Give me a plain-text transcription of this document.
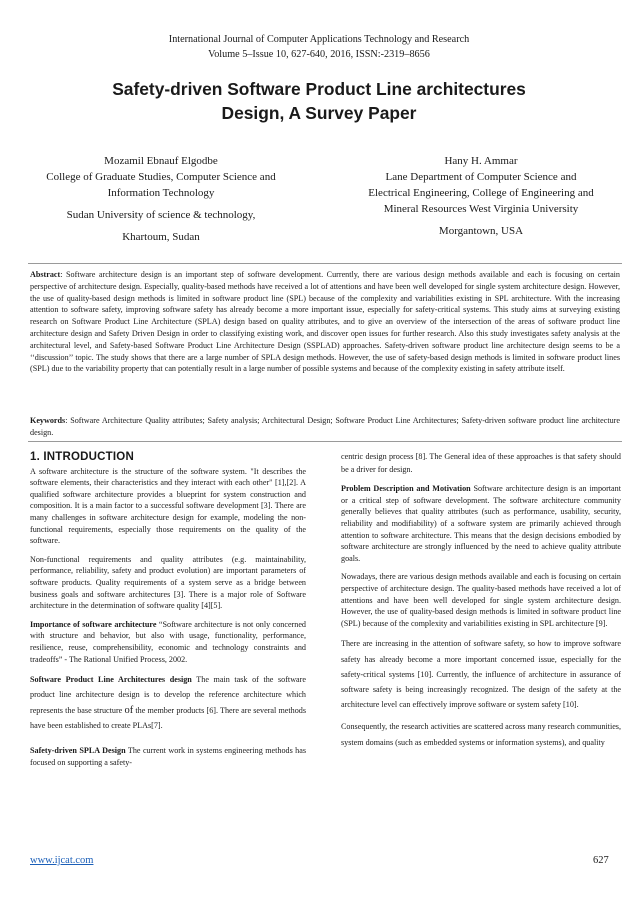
International Journal of Computer Applications Technology and Research
Volume 5–Issue 10, 627-640, 2016, ISSN:-2319–8656
Safety-driven Software Product Line architectures
Design, A Survey Paper
Mozamil Ebnauf Elgodbe
College of Graduate Studies, Computer Science and
Information Technology
Sudan University of science & technology,
Khartoum, Sudan
Hany H. Ammar
Lane Department of Computer Science and
Electrical Engineering, College of Engineering and
Mineral Resources West Virginia University
Morgantown, USA
Abstract: Software architecture design is an important step of software development. Currently, there are various design methods available and each is focusing on certain perspective of architecture design. Especially, quality-based methods have received a lot of attentions and have been well developed for single system architecture design. However, the use of quality-based design methods is limited in software product line (SPL) because of the complexity and variabilities existing in SPL architecture. With the increasing attention to software safety, improving software safety has already become a more important issue, especially for safety-critical systems. This study aims at surveying existing research on Software Product Line Architecture (SPLA) design based on quality attributes, and to give an overview of the intersection of the areas of software product line architecture design and Safety Driven Design in order to classifying existing work, and discover open issues for further research. Also this study investigates safety analysis at the architectural level, and Safety-based Software Product Line Architecture Design (SSPLAD) approaches. Safety-driven software product line architecture design seems to be a ‘‘discussion’’ topic. The study shows that there are a large number of SPLA design methods. However, the use of safety-based design methods is limited in software product lines (SPL) due to the variability property that can potentially result in a large number of possible systems and because of the complexity existing in safety attribute itself.
Keywords: Software Architecture Quality attributes; Safety analysis; Architectural Design; Software Product Line Architectures; Safety-driven software product line architecture design.
1. INTRODUCTION

A software architecture is the structure of the software system. "It describes the software elements, their characteristics and they interact with each other" [1],[2]. A qualified software architecture provides a blueprint for system construction and composition. It is a main factor to a successful software development [3]. There are many challenges in software architecture design for example, modeling the non-functional requirements, especially those requirements on the quality of the software.

Non-functional requirements and quality attributes (e.g. maintainability, performance, reliability, safety and product evolution) are important parameters of software products. Quality requirements of a system serve as a bridge between business goals and software architectures [3]. There is a major role of Software architecture in the determination of software quality [4][5].

Importance of software architecture “Software architecture is not only concerned with structure and behavior, but also with usage, functionality, performance, resilience, reuse, comprehensibility, economic and technology constraints and tradeoffs” - The Rational Unified Process, 2002.

Software Product Line Architectures design The main task of the software product line architecture design is to develop the reference architecture which represents the base structure of the member products [6]. There are several methods have been established to create PLAs[7].

Safety-driven SPLA Design The current work in systems engineering methods has focused on supporting a safety-

centric design process [8]. The General idea of these approaches is that safety should be a driver for design.

Problem Description and Motivation Software architecture design is an important or a critical step of software development. The software architecture community generally believes that quality attributes (such as performance, usability, security, reliability and modifiability) of a software system are primarily achieved through attention to software architecture. This means that the design decisions embodied by software architecture are strongly influenced by the need to achieve quality attribute goals.

Nowadays, there are various design methods available and each is focusing on certain perspective of architecture design. The quality-based methods have received a lot of attentions and have been well developed for single system architecture design. However, the use of quality-based design methods is limited in software product line (SPL) because of the complexity and variabilities existing in SPL architecture [9].

There are increasing in the attention of software safety, so how to improve software safety has already become a more important concerned issue, especially for the safety-critical systems [10]. Currently, the influence of architecture in assurance of software safety is being increasingly recognized. The design of the safety at the architecture level can effectively improve software or system safety [10].

Consequently, the research activities are scattered across many research communities, system domains (such as embedded systems or information systems), and quality

www.ijcat.com	627
